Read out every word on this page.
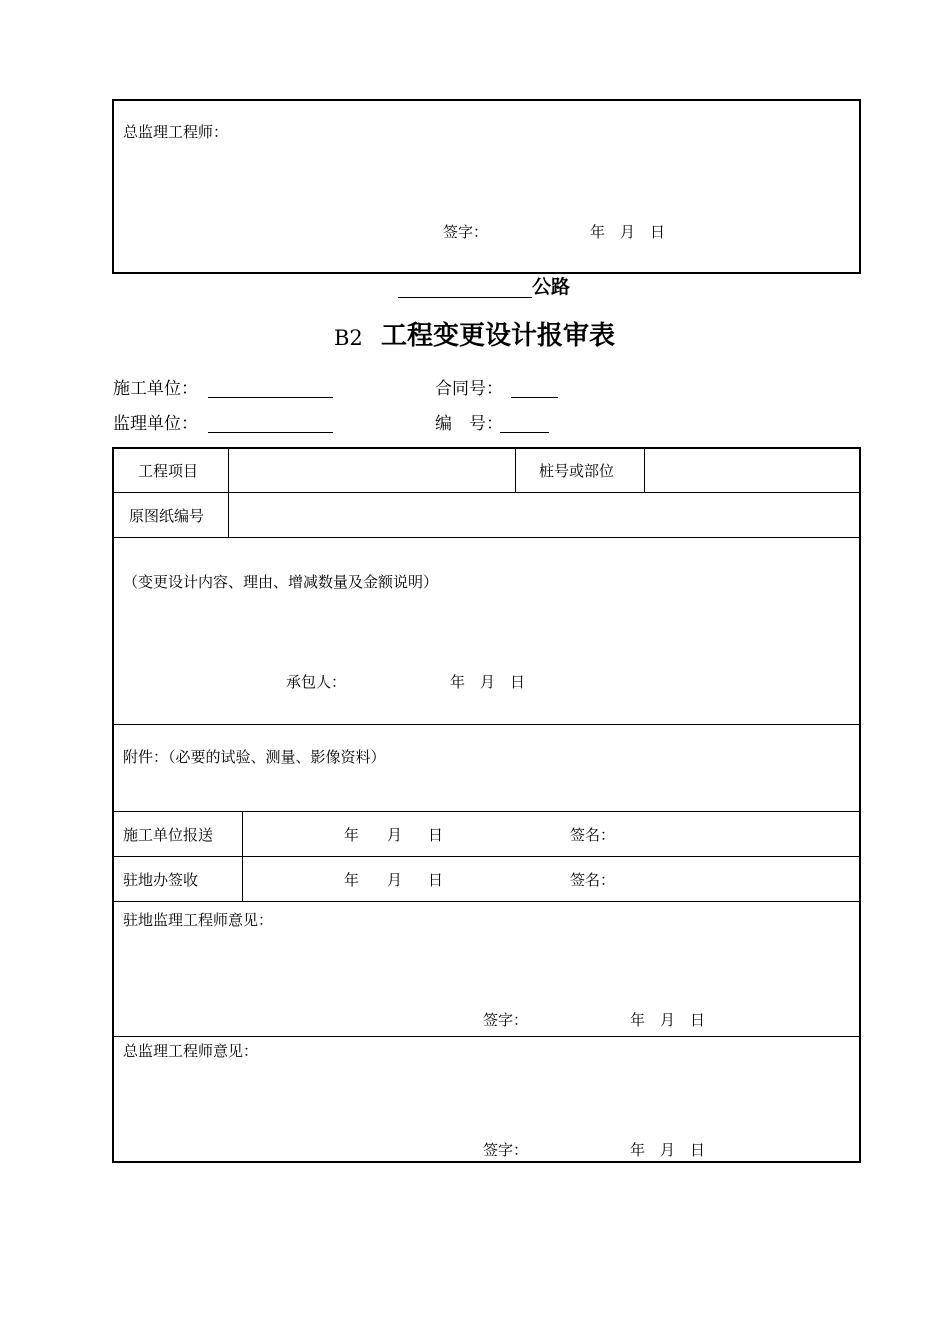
总监理工程师：
签字：	年 月 日
公路
B2 工程变更设计报审表
施工单位：	合同号：
监理单位：	编　号：
工程项目	桩号或部位
原图纸编号
（变更设计内容、理由、增减数量及金额说明）
承包人：	年 月 日
附件：（必要的试验、测量、影像资料）
施工单位报送	年 月 日	签名：
驻地办签收	年 月 日	签名：
驻地监理工程师意见：
签字：	年 月 日
总监理工程师意见：
签字：	年 月 日
